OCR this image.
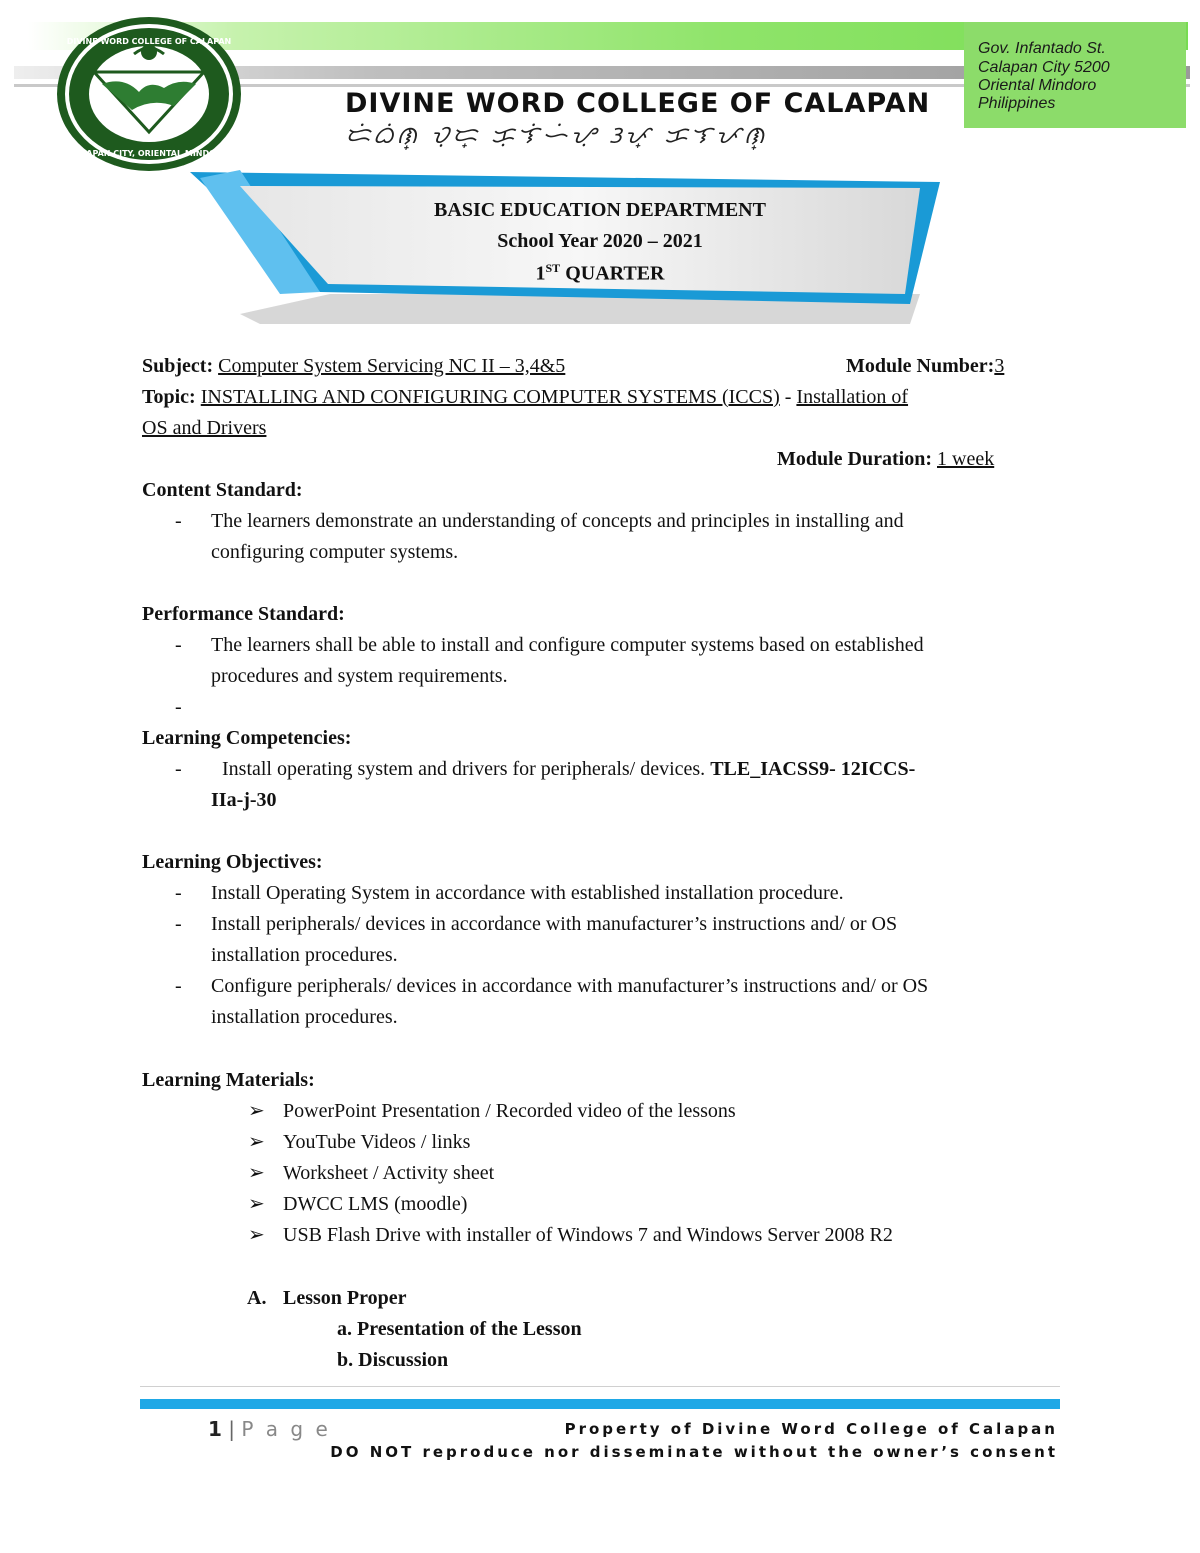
DIVINE WORD COLLEGE OF CALAPAN
CALAPAN CITY, ORIENTAL MINDORO
DIVINE WORD COLLEGE OF CALAPAN
ᜇᜒᜊᜒᜈ᜔ ᜏᜓᜇ᜔ ᜃᜓᜎᜒᜑᜒᜌᜓ ᜂᜉ᜔ ᜃᜎᜉᜈ᜔
Gov. Infantado St.
Calapan City 5200
Oriental Mindoro
Philippines
BASIC EDUCATION DEPARTMENT
School Year 2020 – 2021
1ST QUARTER
Subject: Computer System Servicing NC II – 3,4&5	Module Number:3
Topic: INSTALLING AND CONFIGURING COMPUTER SYSTEMS (ICCS) - Installation of
OS and Drivers
Module Duration: 1 week
Content Standard:
- The learners demonstrate an understanding of concepts and principles in installing and
configuring computer systems.
Performance Standard:
- The learners shall be able to install and configure computer systems based on established
procedures and system requirements.
-
Learning Competencies:
- Install operating system and drivers for peripherals/ devices. TLE_IACSS9- 12ICCS-
IIa-j-30
Learning Objectives:
- Install Operating System in accordance with established installation procedure.
- Install peripherals/ devices in accordance with manufacturer’s instructions and/ or OS
installation procedures.
- Configure peripherals/ devices in accordance with manufacturer’s instructions and/ or OS
installation procedures.
Learning Materials:
➢ PowerPoint Presentation / Recorded video of the lessons
➢ YouTube Videos / links
➢ Worksheet / Activity sheet
➢ DWCC LMS (moodle)
➢ USB Flash Drive with installer of Windows 7 and Windows Server 2008 R2
A. Lesson Proper
a. Presentation of the Lesson
b. Discussion
1 | P a g e	Property of Divine Word College of Calapan
DO NOT reproduce nor disseminate without the owner’s consent
